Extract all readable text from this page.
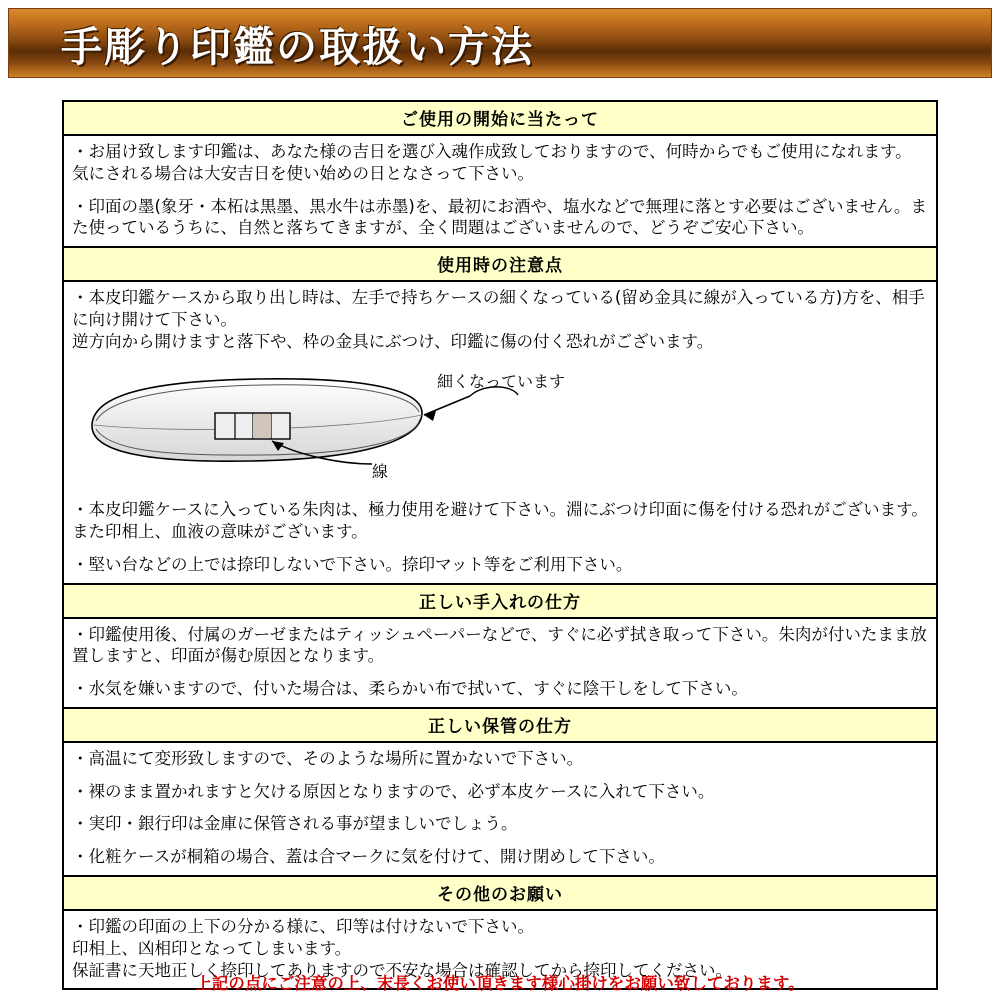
手彫り印鑑の取扱い方法
ご使用の開始に当たって

・お届け致します印鑑は、あなた様の吉日を選び入魂作成致しておりますので、何時からでもご使用になれます。気にされる場合は大安吉日を使い始めの日となさって下さい。

・印面の墨(象牙・本柘は黒墨、黒水牛は赤墨)を、最初にお酒や、塩水などで無理に落とす必要はございません。また使っているうちに、自然と落ちてきますが、全く問題はございませんので、どうぞご安心下さい。

使用時の注意点

・本皮印鑑ケースから取り出し時は、左手で持ちケースの細くなっている(留め金具に線が入っている方)方を、相手に向け開けて下さい。

逆方向から開けますと落下や、枠の金具にぶつけ、印鑑に傷の付く恐れがございます。

細くなっています
線

・本皮印鑑ケースに入っている朱肉は、極力使用を避けて下さい。淵にぶつけ印面に傷を付ける恐れがございます。また印相上、血液の意味がございます。

・堅い台などの上では捺印しないで下さい。捺印マット等をご利用下さい。

正しい手入れの仕方

・印鑑使用後、付属のガーゼまたはティッシュペーパーなどで、すぐに必ず拭き取って下さい。朱肉が付いたまま放置しますと、印面が傷む原因となります。

・水気を嫌いますので、付いた場合は、柔らかい布で拭いて、すぐに陰干しをして下さい。

正しい保管の仕方

・高温にて変形致しますので、そのような場所に置かないで下さい。

・裸のまま置かれますと欠ける原因となりますので、必ず本皮ケースに入れて下さい。

・実印・銀行印は金庫に保管される事が望ましいでしょう。

・化粧ケースが桐箱の場合、蓋は合マークに気を付けて、開け閉めして下さい。

その他のお願い

・印鑑の印面の上下の分かる様に、印等は付けないで下さい。

印相上、凶相印となってしまいます。

保証書に天地正しく捺印してありますので不安な場合は確認してから捺印してください。

上記の点にご注意の上、末長くお使い頂きます様心掛けをお願い致しております。
